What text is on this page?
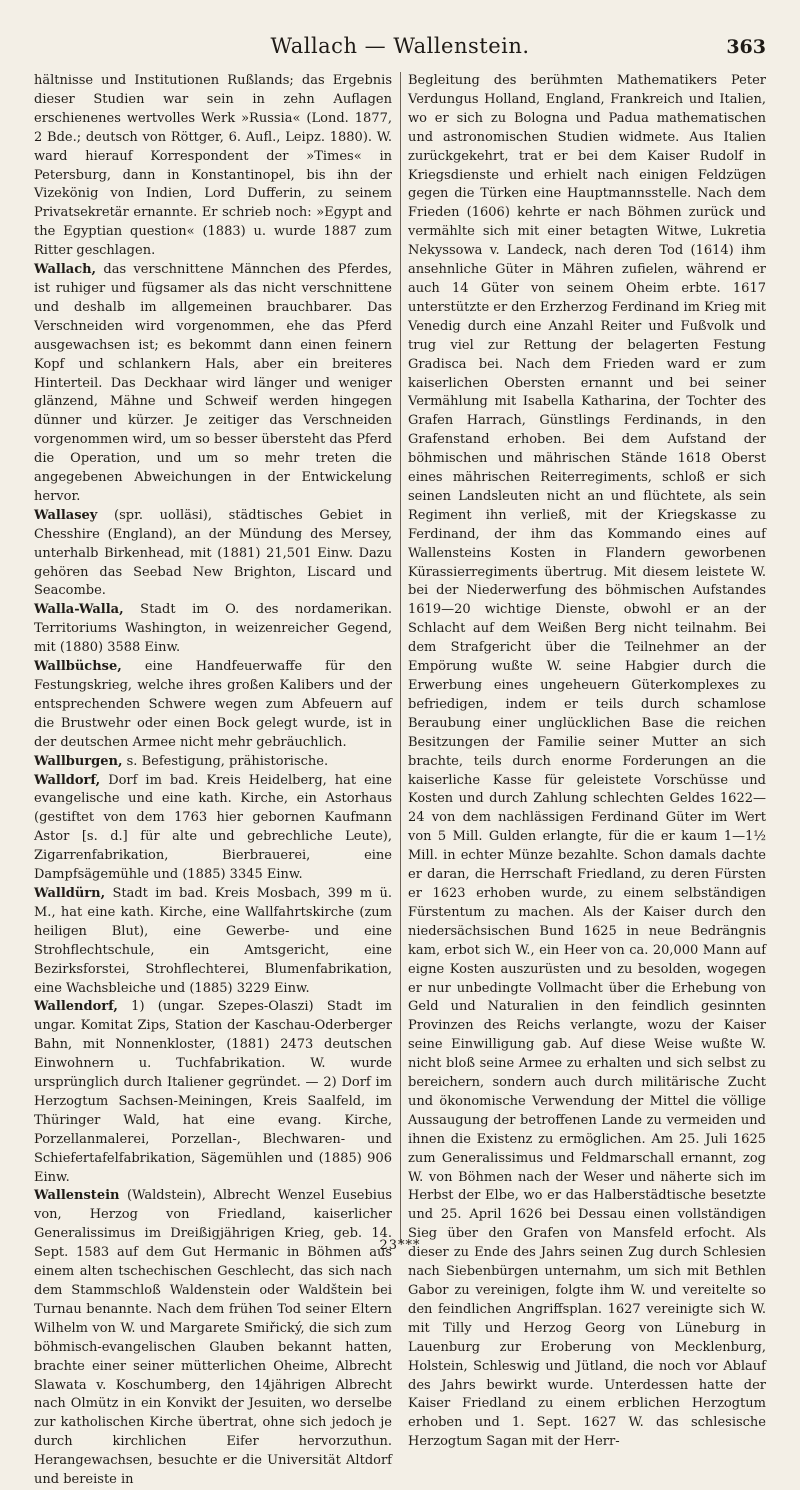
Wallach — Wallenstein.	363

hältnisse und Institutionen Rußlands; das Ergebnis dieser Studien war sein in zehn Auflagen erschienenes wertvolles Werk »Russia« (Lond. 1877, 2 Bde.; deutsch von Röttger, 6. Aufl., Leipz. 1880). W. ward hierauf Korrespondent der »Times« in Petersburg, dann in Konstantinopel, bis ihn der Vizekönig von Indien, Lord Dufferin, zu seinem Privatsekretär ernannte. Er schrieb noch: »Egypt and the Egyptian question« (1883) u. wurde 1887 zum Ritter geschlagen.

Wallach, das verschnittene Männchen des Pferdes, ist ruhiger und fügsamer als das nicht verschnittene und deshalb im allgemeinen brauchbarer. Das Verschneiden wird vorgenommen, ehe das Pferd ausgewachsen ist; es bekommt dann einen feinern Kopf und schlankern Hals, aber ein breiteres Hinterteil. Das Deckhaar wird länger und weniger glänzend, Mähne und Schweif werden hingegen dünner und kürzer. Je zeitiger das Verschneiden vorgenommen wird, um so besser übersteht das Pferd die Operation, und um so mehr treten die angegebenen Abweichungen in der Entwickelung hervor.

Wallasey (spr. uolläsi), städtisches Gebiet in Chesshire (England), an der Mündung des Mersey, unterhalb Birkenhead, mit (1881) 21,501 Einw. Dazu gehören das Seebad New Brighton, Liscard und Seacombe.

Walla-Walla, Stadt im O. des nordamerikan. Territoriums Washington, in weizenreicher Gegend, mit (1880) 3588 Einw.

Wallbüchse, eine Handfeuerwaffe für den Festungskrieg, welche ihres großen Kalibers und der entsprechenden Schwere wegen zum Abfeuern auf die Brustwehr oder einen Bock gelegt wurde, ist in der deutschen Armee nicht mehr gebräuchlich.

Wallburgen, s. Befestigung, prähistorische.

Walldorf, Dorf im bad. Kreis Heidelberg, hat eine evangelische und eine kath. Kirche, ein Astorhaus (gestiftet von dem 1763 hier gebornen Kaufmann Astor [s. d.] für alte und gebrechliche Leute), Zigarrenfabrikation, Bierbrauerei, eine Dampfsägemühle und (1885) 3345 Einw.

Walldürn, Stadt im bad. Kreis Mosbach, 399 m ü. M., hat eine kath. Kirche, eine Wallfahrtskirche (zum heiligen Blut), eine Gewerbe- und eine Strohflechtschule, ein Amtsgericht, eine Bezirksforstei, Strohflechterei, Blumenfabrikation, eine Wachsbleiche und (1885) 3229 Einw.

Wallendorf, 1) (ungar. Szepes-Olaszi) Stadt im ungar. Komitat Zips, Station der Kaschau-Oderberger Bahn, mit Nonnenkloster, (1881) 2473 deutschen Einwohnern u. Tuchfabrikation. W. wurde ursprünglich durch Italiener gegründet. — 2) Dorf im Herzogtum Sachsen-Meiningen, Kreis Saalfeld, im Thüringer Wald, hat eine evang. Kirche, Porzellanmalerei, Porzellan-, Blechwaren- und Schiefertafelfabrikation, Sägemühlen und (1885) 906 Einw.

Wallenstein (Waldstein), Albrecht Wenzel Eusebius von, Herzog von Friedland, kaiserlicher Generalissimus im Dreißigjährigen Krieg, geb. 14. Sept. 1583 auf dem Gut Hermanic in Böhmen aus einem alten tschechischen Geschlecht, das sich nach dem Stammschloß Waldenstein oder Waldštein bei Turnau benannte. Nach dem frühen Tod seiner Eltern Wilhelm von W. und Margarete Smiřický, die sich zum böhmisch-evangelischen Glauben bekannt hatten, brachte einer seiner mütterlichen Oheime, Albrecht Slawata v. Koschumberg, den 14jährigen Albrecht nach Olmütz in ein Konvikt der Jesuiten, wo derselbe zur katholischen Kirche übertrat, ohne sich jedoch je durch kirchlichen Eifer hervorzuthun. Herangewachsen, besuchte er die Universität Altdorf und bereiste in

Begleitung des berühmten Mathematikers Peter Verdungus Holland, England, Frankreich und Italien, wo er sich zu Bologna und Padua mathematischen und astronomischen Studien widmete. Aus Italien zurückgekehrt, trat er bei dem Kaiser Rudolf in Kriegsdienste und erhielt nach einigen Feldzügen gegen die Türken eine Hauptmannsstelle. Nach dem Frieden (1606) kehrte er nach Böhmen zurück und vermählte sich mit einer betagten Witwe, Lukretia Nekyssowa v. Landeck, nach deren Tod (1614) ihm ansehnliche Güter in Mähren zufielen, während er auch 14 Güter von seinem Oheim erbte. 1617 unterstützte er den Erzherzog Ferdinand im Krieg mit Venedig durch eine Anzahl Reiter und Fußvolk und trug viel zur Rettung der belagerten Festung Gradisca bei. Nach dem Frieden ward er zum kaiserlichen Obersten ernannt und bei seiner Vermählung mit Isabella Katharina, der Tochter des Grafen Harrach, Günstlings Ferdinands, in den Grafenstand erhoben. Bei dem Aufstand der böhmischen und mährischen Stände 1618 Oberst eines mährischen Reiterregiments, schloß er sich seinen Landsleuten nicht an und flüchtete, als sein Regiment ihn verließ, mit der Kriegskasse zu Ferdinand, der ihm das Kommando eines auf Wallensteins Kosten in Flandern geworbenen Kürassierregiments übertrug. Mit diesem leistete W. bei der Niederwerfung des böhmischen Aufstandes 1619—20 wichtige Dienste, obwohl er an der Schlacht auf dem Weißen Berg nicht teilnahm. Bei dem Strafgericht über die Teilnehmer an der Empörung wußte W. seine Habgier durch die Erwerbung eines ungeheuern Güterkomplexes zu befriedigen, indem er teils durch schamlose Beraubung einer unglücklichen Base die reichen Besitzungen der Familie seiner Mutter an sich brachte, teils durch enorme Forderungen an die kaiserliche Kasse für geleistete Vorschüsse und Kosten und durch Zahlung schlechten Geldes 1622—24 von dem nachlässigen Ferdinand Güter im Wert von 5 Mill. Gulden erlangte, für die er kaum 1—1½ Mill. in echter Münze bezahlte. Schon damals dachte er daran, die Herrschaft Friedland, zu deren Fürsten er 1623 erhoben wurde, zu einem selbständigen Fürstentum zu machen. Als der Kaiser durch den niedersächsischen Bund 1625 in neue Bedrängnis kam, erbot sich W., ein Heer von ca. 20,000 Mann auf eigne Kosten auszurüsten und zu besolden, wogegen er nur unbedingte Vollmacht über die Erhebung von Geld und Naturalien in den feindlich gesinnten Provinzen des Reichs verlangte, wozu der Kaiser seine Einwilligung gab. Auf diese Weise wußte W. nicht bloß seine Armee zu erhalten und sich selbst zu bereichern, sondern auch durch militärische Zucht und ökonomische Verwendung der Mittel die völlige Aussaugung der betroffenen Lande zu vermeiden und ihnen die Existenz zu ermöglichen. Am 25. Juli 1625 zum Generalissimus und Feldmarschall ernannt, zog W. von Böhmen nach der Weser und näherte sich im Herbst der Elbe, wo er das Halberstädtische besetzte und 25. April 1626 bei Dessau einen vollständigen Sieg über den Grafen von Mansfeld erfocht. Als dieser zu Ende des Jahrs seinen Zug durch Schlesien nach Siebenbürgen unternahm, um sich mit Bethlen Gabor zu vereinigen, folgte ihm W. und vereitelte so den feindlichen Angriffsplan. 1627 vereinigte sich W. mit Tilly und Herzog Georg von Lüneburg in Lauenburg zur Eroberung von Mecklenburg, Holstein, Schleswig und Jütland, die noch vor Ablauf des Jahrs bewirkt wurde. Unterdessen hatte der Kaiser Friedland zu einem erblichen Herzogtum erhoben und 1. Sept. 1627 W. das schlesische Herzogtum Sagan mit der Herr-

23***
